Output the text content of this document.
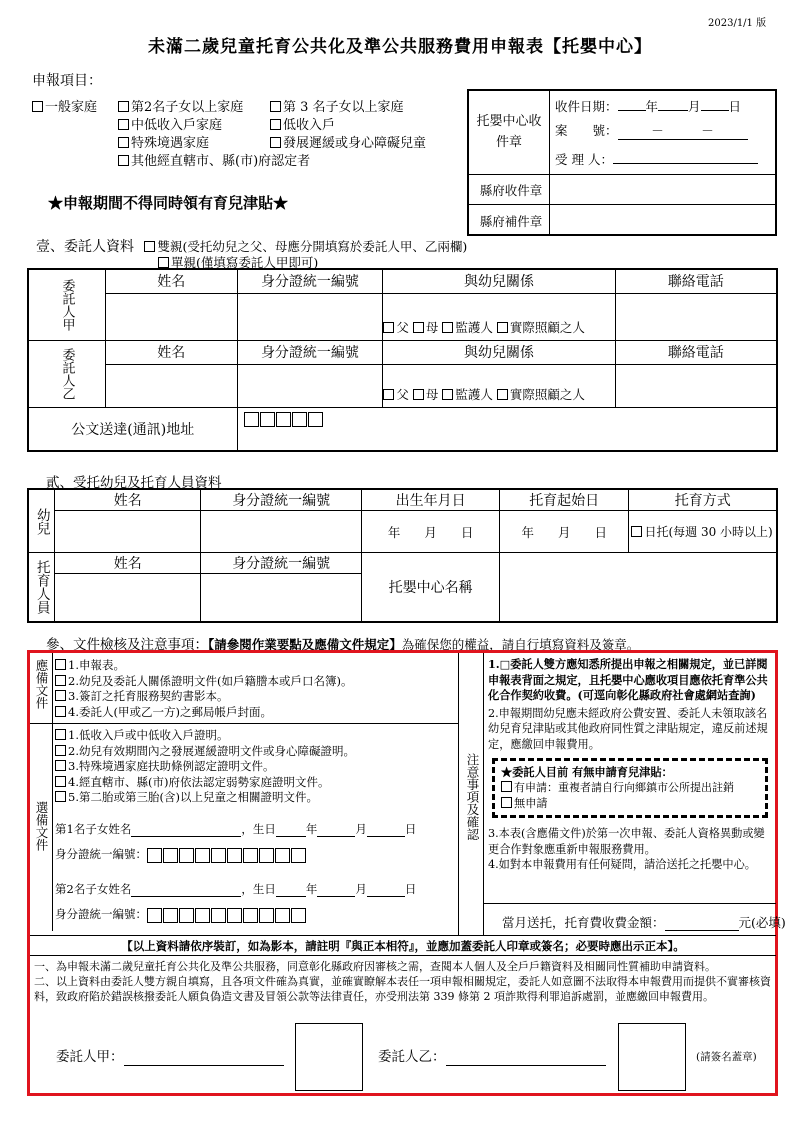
2023/1/1 版
未滿二歲兒童托育公共化及準公共服務費用申報表【托嬰中心】
申報項目：
一般家庭	第2名子女以上家庭	第 3 名子女以上家庭
中低收入戶家庭	低收入戶
特殊境遇家庭	發展遲緩或身心障礙兒童
其他經直轄市、縣(市)府認定者
★申報期間不得同時領有育兒津貼★
托嬰中心收件章
收件日期： 年 月 日
案　　號：	－　　　	－
受 理 人：
縣府收件章
縣府補件章
壹、委託人資料 雙親(受托幼兒之父、母應分開填寫於委託人甲、乙兩欄)
單親(僅填寫委託人甲即可)
委託人甲	姓名	身分證統一編號	與幼兒關係	聯絡電話
			父 母 監護人 實際照顧之人	

委託人乙	姓名	身分證統一編號	與幼兒關係	聯絡電話
			父 母 監護人 實際照顧之人	
公文送達(通訊)地址				
貳、受托幼兒及托育人員資料
幼兒	姓名	身分證統一編號	出生年月日	托育起始日	托育方式
			年 月 日	年 月 日	日托(每週 30 小時以上)

托育人員	姓名	身分證統一編號	托嬰中心名稱		

參、文件檢核及注意事項：【請參閱作業要點及應備文件規定】為確保您的權益，請自行填寫資料及簽章。
應備文件	1.申報表。
2.幼兒及委託人關係證明文件(如戶籍謄本或戶口名簿)。
3.簽訂之托育服務契約書影本。
4.委託人(甲或乙一方)之郵局帳戶封面。
選備文件
1.低收入戶或中低收入戶證明。
2.幼兒有效期間內之發展遲緩證明文件或身心障礙證明。
3.特殊境遇家庭扶助條例認定證明文件。
4.經直轄市、縣(市)府依法認定弱勢家庭證明文件。
5.第二胎或第三胎(含)以上兒童之相關證明文件。
第1名子女姓名	，生日	年	月	日
身分證統一編號：
第2名子女姓名	，生日	年	月	日
身分證統一編號：
注意事項及確認
1.□委託人雙方應知悉所提出申報之相關規定，並已詳閱申報表背面之規定，且托嬰中心應收項目應依托育準公共化合作契約收費。(可逕向彰化縣政府社會處網站查詢)
2.申報期間幼兒應未經政府公費安置、委託人未領取該名幼兒育兒津貼或其他政府同性質之津貼規定，違反前述規定，應繳回申報費用。
★委託人目前 有無申請育兒津貼：
有申請：重複者請自行向鄉鎮市公所提出註銷
無申請
3.本表(含應備文件)於第一次申報、委託人資格異動或變更合作對象應重新申報服務費用。
4.如對本申報費用有任何疑問，請洽送托之托嬰中心。
當月送托，托育費收費金額：	元(必填)
【以上資料請依序裝訂，如為影本，請註明『與正本相符』，並應加蓋委託人印章或簽名；必要時應出示正本】。
一、為申報未滿二歲兒童托育公共化及準公共服務，同意彰化縣政府因審核之需，查閱本人個人及全戶戶籍資料及相關同性質補助申請資料。
二、以上資料由委託人雙方親自填寫，且各項文件確為真實，並確實瞭解本表任一項申報相關規定，委託人如意圖不法取得本申報費用而提供不實審核資料，致政府陷於錯誤核撥委託人願負偽造文書及冒領公款等法律責任，亦受刑法第 339 條第 2 項詐欺得利罪追訴處罰，並應繳回申報費用。
委託人甲：	委託人乙：	(請簽名蓋章)
